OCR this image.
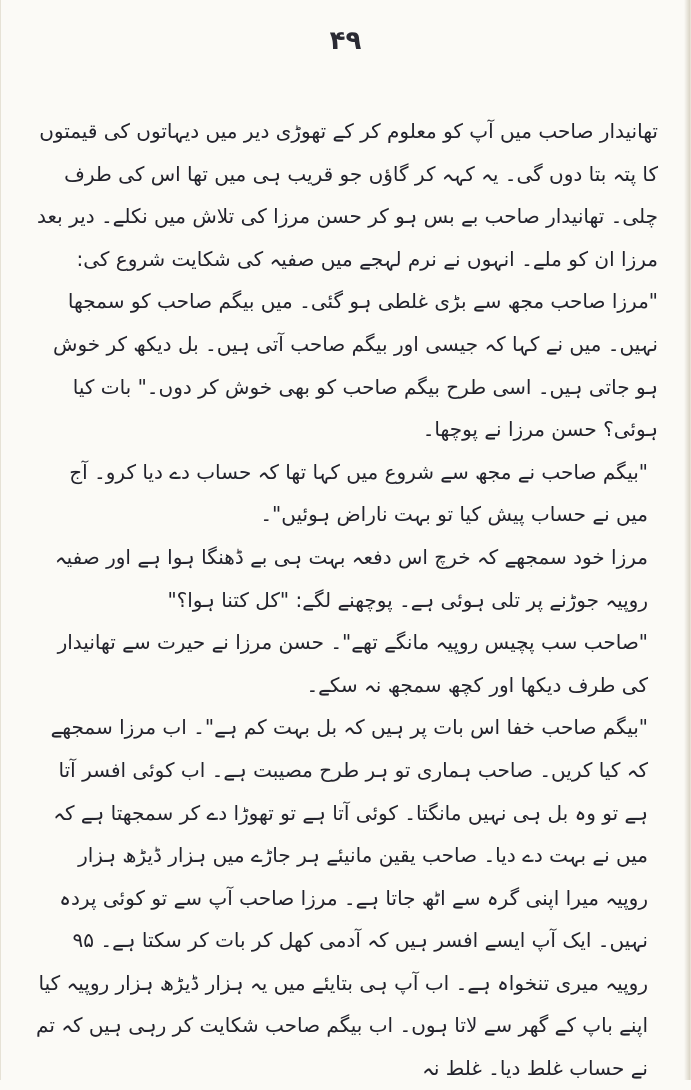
۴۹

تھانیدار صاحب میں آپ کو معلوم کر کے تھوڑی دیر میں دیہاتوں کی قیمتوں کا پتہ بتا دوں گی۔ یہ کہہ کر گاؤں جو قریب ہی میں تھا اس کی طرف چلی۔ تھانیدار صاحب بے بس ہو کر حسن مرزا کی تلاش میں نکلے۔ دیر بعد مرزا ان کو ملے۔ انہوں نے نرم لہجے میں صفیہ کی شکایت شروع کی: "مرزا صاحب مجھ سے بڑی غلطی ہو گئی۔ میں بیگم صاحب کو سمجھا نہیں۔ میں نے کہا کہ جیسی اور بیگم صاحب آتی ہیں۔ بل دیکھ کر خوش ہو جاتی ہیں۔ اسی طرح بیگم صاحب کو بھی خوش کر دوں۔" بات کیا ہوئی؟ حسن مرزا نے پوچھا۔

"بیگم صاحب نے مجھ سے شروع میں کہا تھا کہ حساب دے دیا کرو۔ آج میں نے حساب پیش کیا تو بہت ناراض ہوئیں"۔

مرزا خود سمجھے کہ خرچ اس دفعہ بہت ہی بے ڈھنگا ہوا ہے اور صفیہ روپیہ جوڑنے پر تلی ہوئی ہے۔ پوچھنے لگے: "کل کتنا ہوا؟"

"صاحب سب پچیس روپیہ مانگے تھے"۔ حسن مرزا نے حیرت سے تھانیدار کی طرف دیکھا اور کچھ سمجھ نہ سکے۔

"بیگم صاحب خفا اس بات پر ہیں کہ بل بہت کم ہے"۔ اب مرزا سمجھے کہ کیا کریں۔ صاحب ہماری تو ہر طرح مصیبت ہے۔ اب کوئی افسر آتا ہے تو وہ بل ہی نہیں مانگتا۔ کوئی آتا ہے تو تھوڑا دے کر سمجھتا ہے کہ میں نے بہت دے دیا۔ صاحب یقین مانیئے ہر جاڑے میں ہزار ڈیڑھ ہزار روپیہ میرا اپنی گرہ سے اٹھ جاتا ہے۔ مرزا صاحب آپ سے تو کوئی پردہ نہیں۔ ایک آپ ایسے افسر ہیں کہ آدمی کھل کر بات کر سکتا ہے۔ ۹۵ روپیہ میری تنخواہ ہے۔ اب آپ ہی بتایئے میں یہ ہزار ڈیڑھ ہزار روپیہ کیا اپنے باپ کے گھر سے لاتا ہوں۔ اب بیگم صاحب شکایت کر رہی ہیں کہ تم نے حساب غلط دیا۔ غلط نہ
